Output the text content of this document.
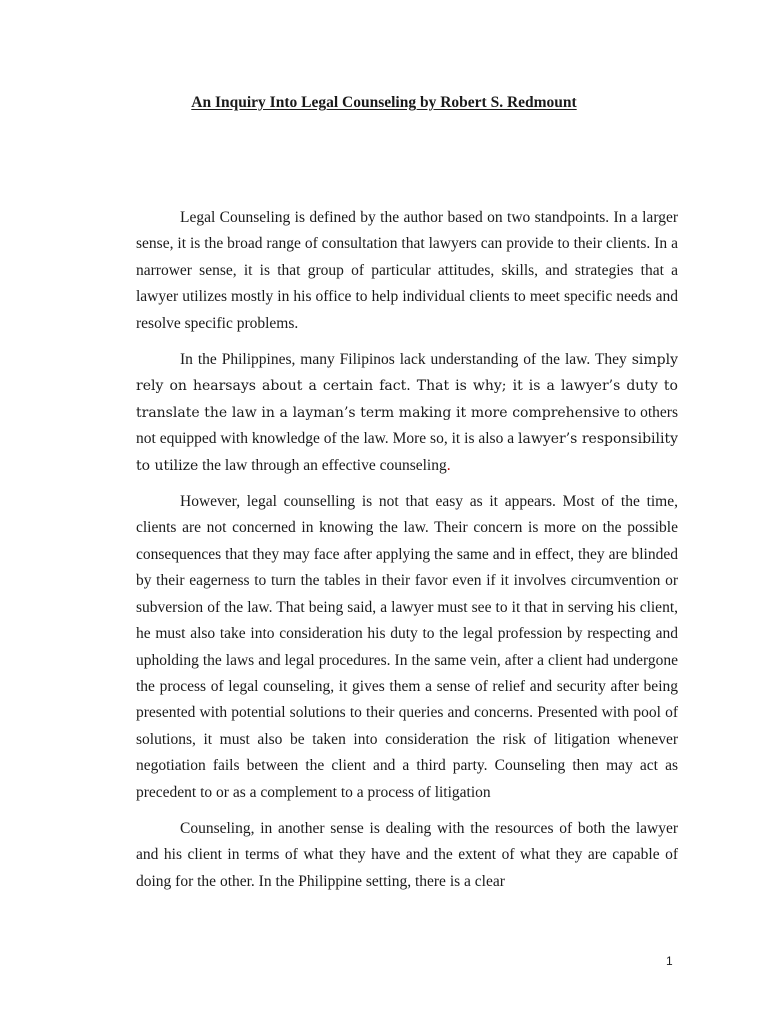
An Inquiry Into Legal Counseling by Robert S. Redmount

Legal Counseling is defined by the author based on two standpoints. In a larger sense, it is the broad range of consultation that lawyers can provide to their clients. In a narrower sense, it is that group of particular attitudes, skills, and strategies that a lawyer utilizes mostly in his office to help individual clients to meet specific needs and resolve specific problems.

In the Philippines, many Filipinos lack understanding of the law. They simply rely on hearsays about a certain fact. That is why; it is a lawyer’s duty to translate the law in a layman’s term making it more comprehensive to others not equipped with knowledge of the law. More so, it is also a lawyer’s responsibility to utilize the law through an effective counseling.

However, legal counselling is not that easy as it appears. Most of the time, clients are not concerned in knowing the law. Their concern is more on the possible consequences that they may face after applying the same and in effect, they are blinded by their eagerness to turn the tables in their favor even if it involves circumvention or subversion of the law. That being said, a lawyer must see to it that in serving his client, he must also take into consideration his duty to the legal profession by respecting and upholding the laws and legal procedures. In the same vein, after a client had undergone the process of legal counseling, it gives them a sense of relief and security after being presented with potential solutions to their queries and concerns. Presented with pool of solutions, it must also be taken into consideration the risk of litigation whenever negotiation fails between the client and a third party. Counseling then may act as precedent to or as a complement to a process of litigation

Counseling, in another sense is dealing with the resources of both the lawyer and his client in terms of what they have and the extent of what they are capable of doing for the other. In the Philippine setting, there is a clear

1
